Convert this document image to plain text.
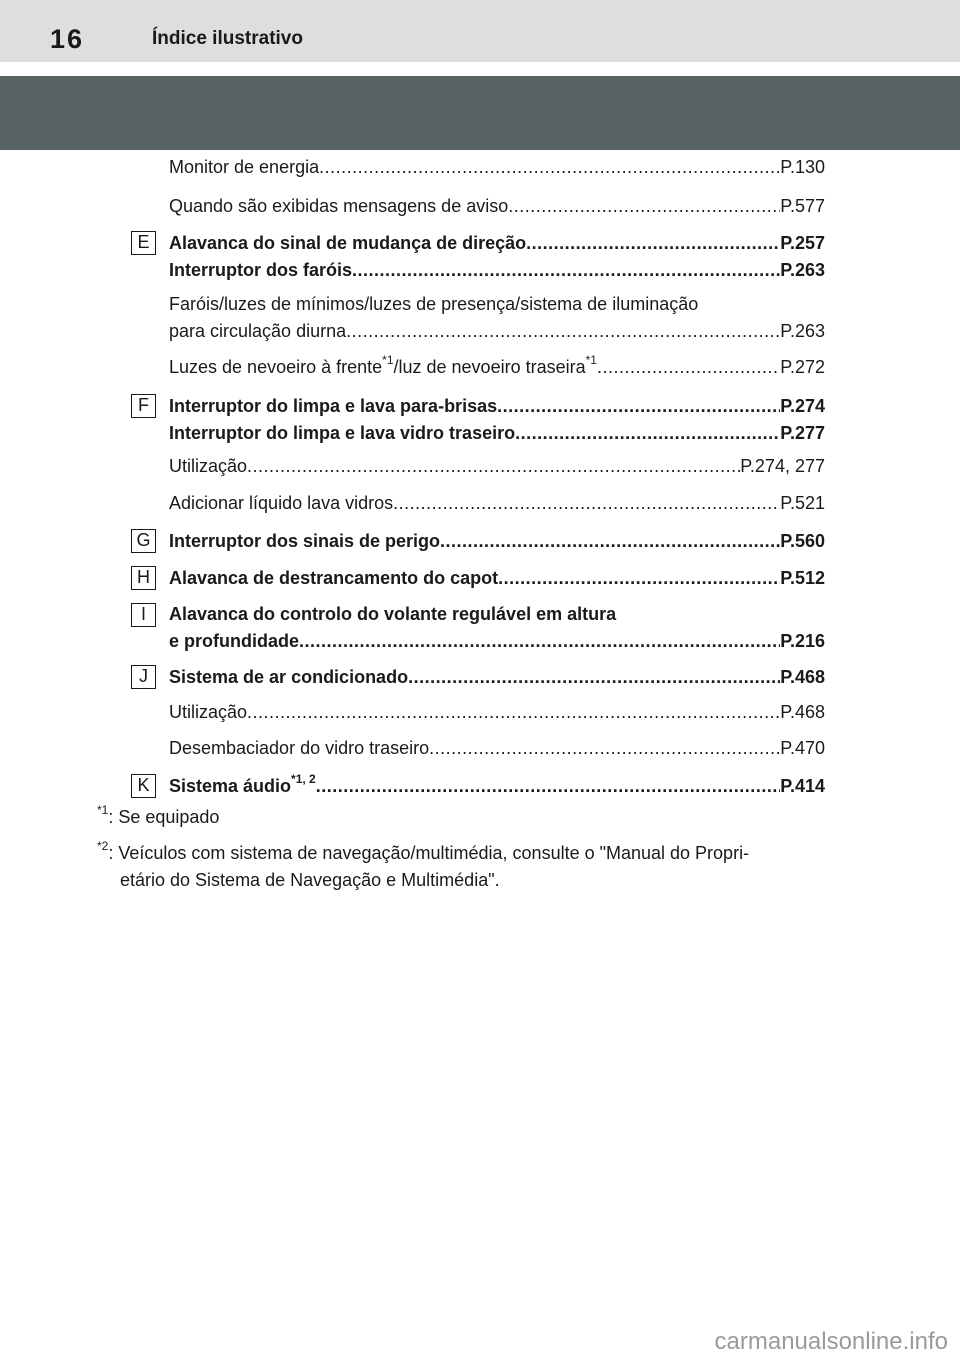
16	Índice ilustrativo
Monitor de energia .....	P.130
Quando são exibidas mensagens de aviso .....	P.577
E	Alavanca do sinal de mudança de direção .....	P.257
Interruptor dos faróis .....	P.263
Faróis/luzes de mínimos/luzes de presença/sistema de iluminação
para circulação diurna .....	P.263
Luzes de nevoeiro à frente$^{*1}$/luz de nevoeiro traseira$^{*1}$ .....	P.272
F	Interruptor do limpa e lava para-brisas .....	P.274
Interruptor do limpa e lava vidro traseiro .....	P.277
Utilização .....	P.274, 277
Adicionar líquido lava vidros .....	P.521
G	Interruptor dos sinais de perigo .....	P.560
H	Alavanca de destrancamento do capot .....	P.512
I	Alavanca do controlo do volante regulável em altura
e profundidade .....	P.216
J	Sistema de ar condicionado .....	P.468
Utilização .....	P.468
Desembaciador do vidro traseiro .....	P.470
K	Sistema áudio$^{*1, 2}$ .....	P.414
$^{*1}$: Se equipado
$^{*2}$: Veículos com sistema de navegação/multimédia, consulte o "Manual do Propri-
etário do Sistema de Navegação e Multimédia".
carmanualsonline.info
